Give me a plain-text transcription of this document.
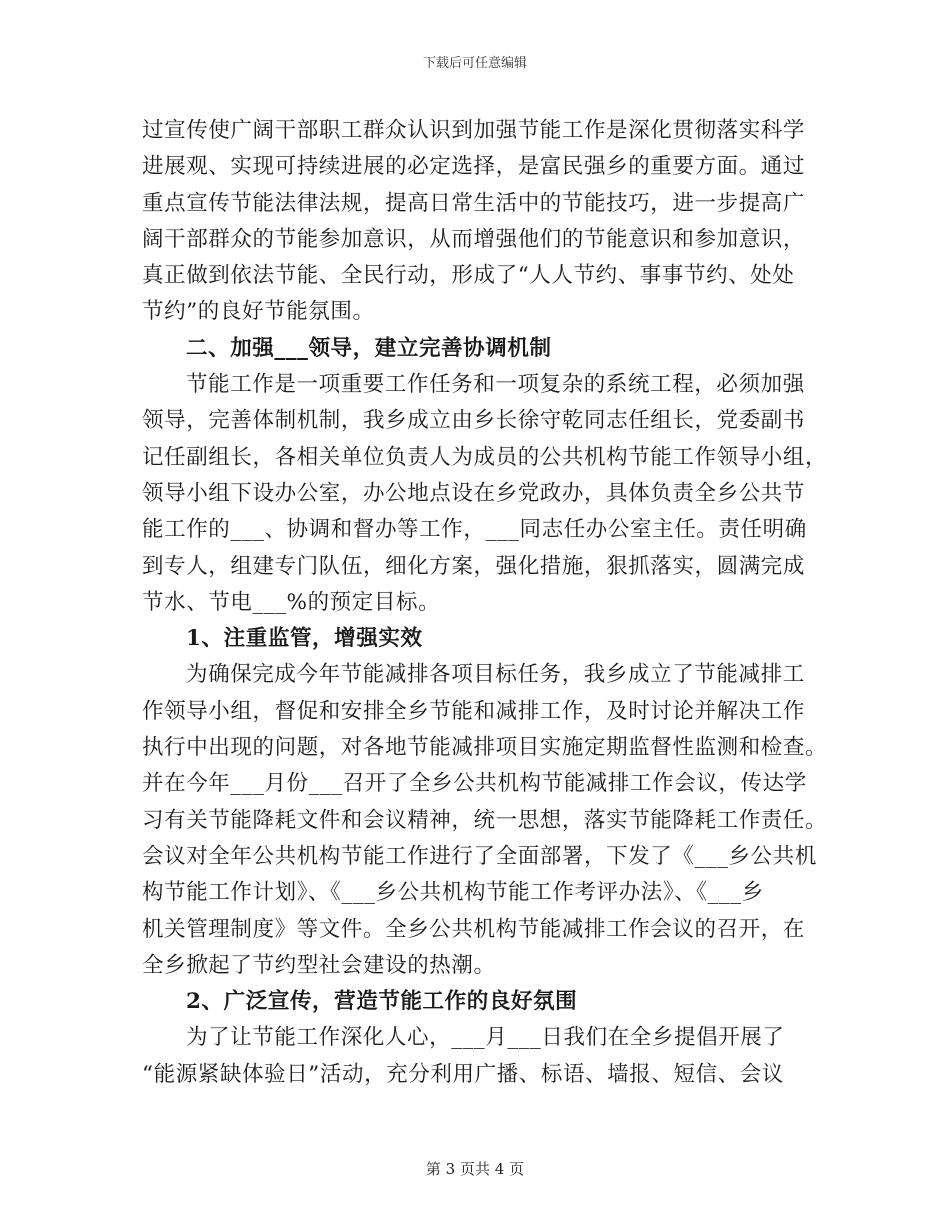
下载后可任意编辑
过宣传使广阔干部职工群众认识到加强节能工作是深化贯彻落实科学
进展观、实现可持续进展的必定选择，是富民强乡的重要方面。通过
重点宣传节能法律法规，提高日常生活中的节能技巧，进一步提高广
阔干部群众的节能参加意识，从而增强他们的节能意识和参加意识，
真正做到依法节能、全民行动，形成了“人人节约、事事节约、处处
节约”的良好节能氛围。
二、加强___领导，建立完善协调机制
节能工作是一项重要工作任务和一项复杂的系统工程，必须加强
领导，完善体制机制，我乡成立由乡长徐守乾同志任组长，党委副书
记任副组长，各相关单位负责人为成员的公共机构节能工作领导小组，
领导小组下设办公室，办公地点设在乡党政办，具体负责全乡公共节
能工作的___、协调和督办等工作，___同志任办公室主任。责任明确
到专人，组建专门队伍，细化方案，强化措施，狠抓落实，圆满完成
节水、节电___%的预定目标。
1、注重监管，增强实效
为确保完成今年节能减排各项目标任务，我乡成立了节能减排工
作领导小组，督促和安排全乡节能和减排工作，及时讨论并解决工作
执行中出现的问题，对各地节能减排项目实施定期监督性监测和检查。
并在今年___月份___召开了全乡公共机构节能减排工作会议，传达学
习有关节能降耗文件和会议精神，统一思想，落实节能降耗工作责任。
会议对全年公共机构节能工作进行了全面部署，下发了《___乡公共机
构节能工作计划》、《___乡公共机构节能工作考评办法》、《___乡
机关管理制度》等文件。全乡公共机构节能减排工作会议的召开，在
全乡掀起了节约型社会建设的热潮。
2、广泛宣传，营造节能工作的良好氛围
为了让节能工作深化人心，___月___日我们在全乡提倡开展了
“能源紧缺体验日”活动，充分利用广播、标语、墙报、短信、会议
第 3 页共 4 页
